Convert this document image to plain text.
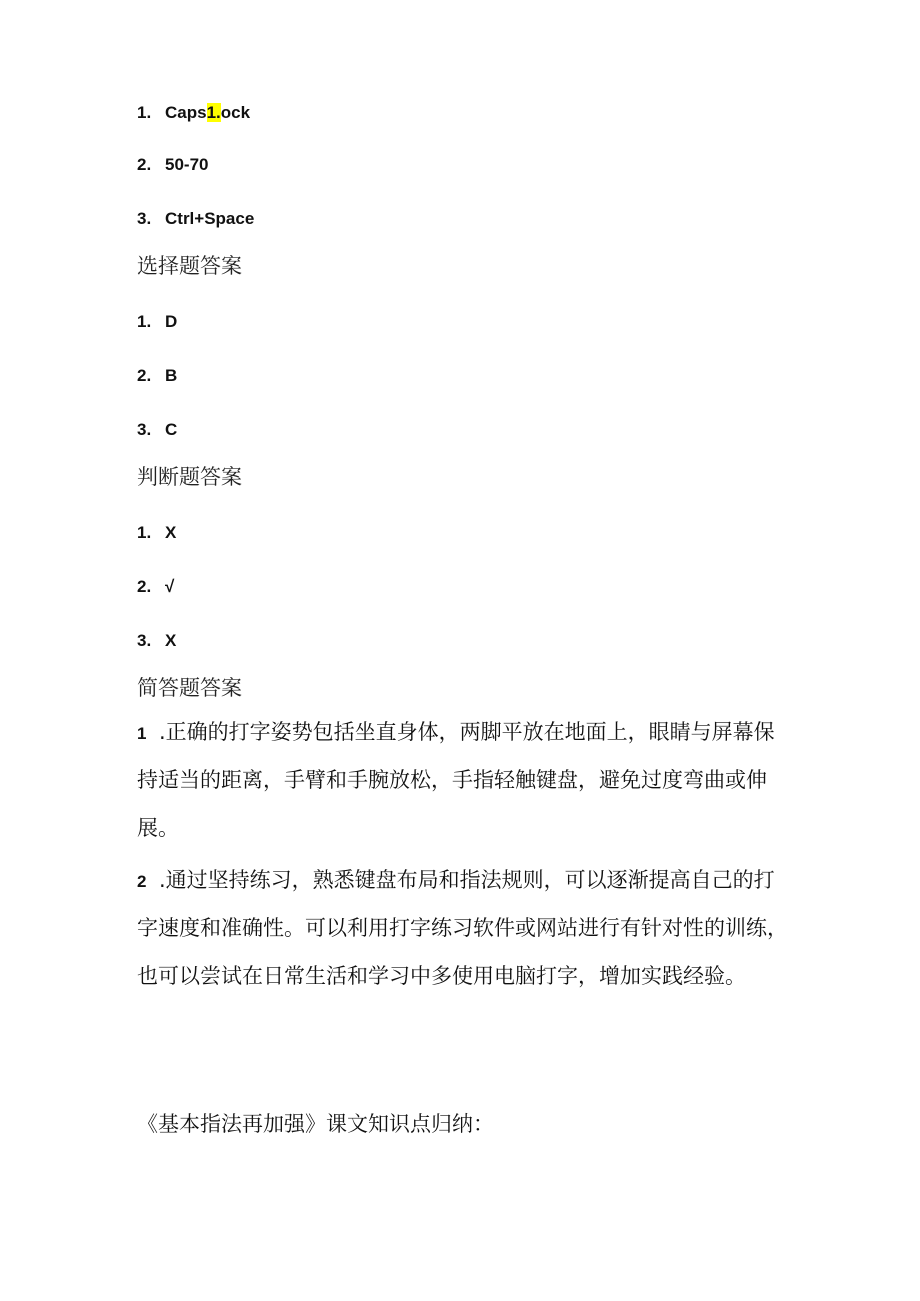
1. Caps1.ock
2. 50-70
3. Ctrl+Space
选择题答案
1. D
2. B
3. C
判断题答案
1. X
2. √
3. X
简答题答案
1 .正确的打字姿势包括坐直身体，两脚平放在地面上，眼睛与屏幕保
持适当的距离，手臂和手腕放松，手指轻触键盘，避免过度弯曲或伸
展。
2 .通过坚持练习，熟悉键盘布局和指法规则，可以逐渐提高自己的打
字速度和准确性。可以利用打字练习软件或网站进行有针对性的训练，
也可以尝试在日常生活和学习中多使用电脑打字，增加实践经验。
《基本指法再加强》课文知识点归纳：
